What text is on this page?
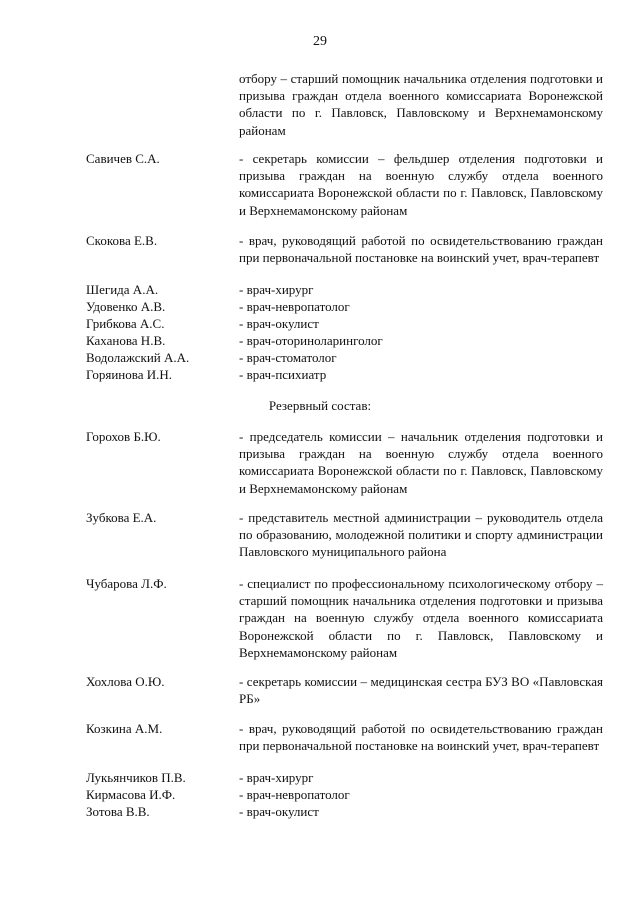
29
отбору – старший помощник начальника отделения подготовки и призыва граждан отдела военного комиссариата Воронежской области по г. Павловск, Павловскому и Верхнемамонскому районам
Савичев С.А.	- секретарь комиссии – фельдшер отделения подготовки и призыва граждан на военную службу отдела военного комиссариата Воронежской области по г. Павловск, Павловскому и Верхнемамонскому районам
Скокова Е.В.	- врач, руководящий работой по освидетельствованию граждан при первоначальной постановке на воинский учет, врач-терапевт
Шегида А.А.	- врач-хирург
Удовенко А.В.	- врач-невропатолог
Грибкова А.С.	- врач-окулист
Каханова Н.В.	- врач-оториноларинголог
Водолажский А.А.	- врач-стоматолог
Горяинова И.Н.	- врач-психиатр
Резервный состав:
Горохов Б.Ю.	- председатель комиссии – начальник отделения подготовки и призыва граждан на военную службу отдела военного комиссариата Воронежской области по г. Павловск, Павловскому и Верхнемамонскому районам
Зубкова Е.А.	- представитель местной администрации – руководитель отдела по образованию, молодежной политики и спорту администрации Павловского муниципального района
Чубарова Л.Ф.	- специалист по профессиональному психологическому отбору – старший помощник начальника отделения подготовки и призыва граждан на военную службу отдела военного комиссариата Воронежской области по г. Павловск, Павловскому и Верхнемамонскому районам
Хохлова О.Ю.	- секретарь комиссии – медицинская сестра БУЗ ВО «Павловская РБ»
Козкина А.М.	- врач, руководящий работой по освидетельствованию граждан при первоначальной постановке на воинский учет, врач-терапевт
Лукьянчиков П.В.	- врач-хирург
Кирмасова И.Ф.	- врач-невропатолог
Зотова В.В.	- врач-окулист
